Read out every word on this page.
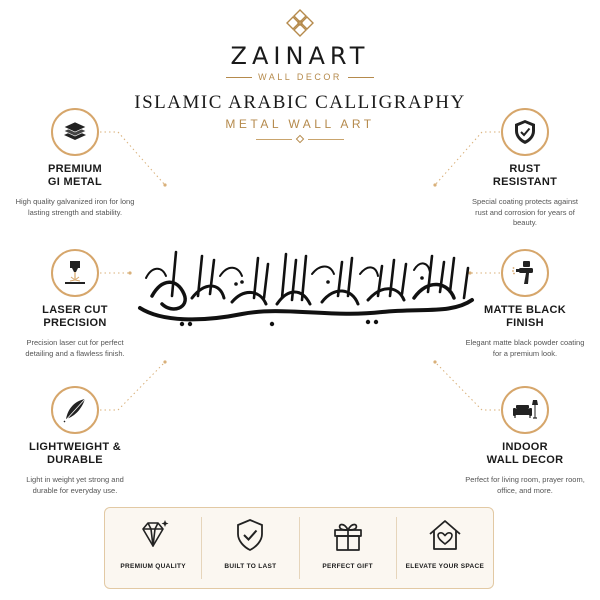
ZAINART
WALL DECOR
ISLAMIC ARABIC CALLIGRAPHY
METAL WALL ART
PREMIUM
GI METAL
High quality galvanized iron for long lasting strength and stability.
LASER CUT
PRECISION
Precision laser cut for perfect detailing and a flawless finish.
LIGHTWEIGHT &
DURABLE
Light in weight yet strong and durable for everyday use.
RUST
RESISTANT
Special coating protects against rust and corrosion for years of beauty.
MATTE BLACK
FINISH
Elegant matte black powder coating for a premium look.
INDOOR
WALL DECOR
Perfect for living room, prayer room, office, and more.
PREMIUM QUALITY	BUILT TO LAST	PERFECT GIFT	ELEVATE YOUR SPACE
